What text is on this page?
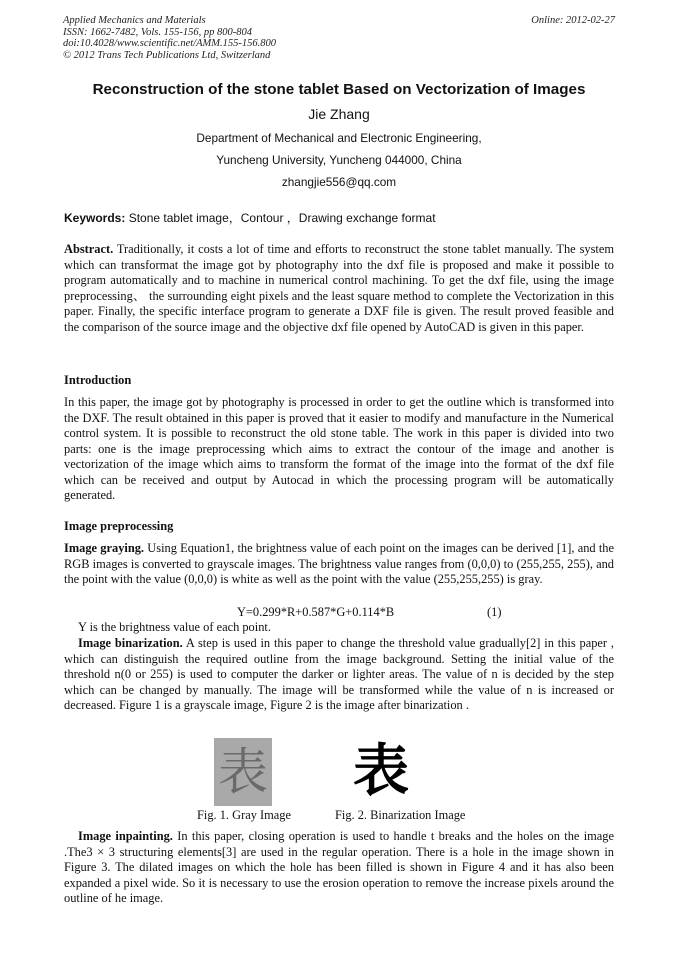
Applied Mechanics and Materials
ISSN: 1662-7482, Vols. 155-156, pp 800-804
doi:10.4028/www.scientific.net/AMM.155-156.800
© 2012 Trans Tech Publications Ltd, Switzerland
Online: 2012-02-27
Reconstruction of the stone tablet Based on Vectorization of Images
Jie Zhang
Department of Mechanical and Electronic Engineering,
Yuncheng University, Yuncheng 044000, China
zhangjie556@qq.com
Keywords: Stone tablet image，Contour ，Drawing exchange format
Abstract. Traditionally, it costs a lot of time and efforts to reconstruct the stone tablet manually. The system which can transformat the image got by photography into the dxf file is proposed and make it possible to program automatically and to machine in numerical control machining. To get the dxf file, using the image preprocessing、 the surrounding eight pixels and the least square method to complete the Vectorization in this paper. Finally, the specific interface program to generate a DXF file is given. The result proved feasible and the comparison of the source image and the objective dxf file opened by AutoCAD is given in this paper.
Introduction
In this paper, the image got by photography is processed in order to get the outline which is transformed into the DXF. The result obtained in this paper is proved that it easier to modify and manufacture in the Numerical control system. It is possible to reconstruct the old stone table. The work in this paper is divided into two parts: one is the image preprocessing which aims to extract the contour of the image and another is vectorization of the image which aims to transform the format of the image into the format of the dxf file which can be received and output by Autocad in which the processing program will be automatically generated.
Image preprocessing
Image graying. Using Equation1, the brightness value of each point on the images can be derived [1], and the RGB images is converted to grayscale images. The brightness value ranges from (0,0,0) to (255,255, 255), and the point with the value (0,0,0) is white as well as the point with the value (255,255,255) is gray.
Y=0.299*R+0.587*G+0.114*B	(1)
Y is the brightness value of each point.
Image binarization. A step is used in this paper to change the threshold value gradually[2] in this paper , which can distinguish the required outline from the image background. Setting the initial value of the threshold n(0 or 255) is used to computer the darker or lighter areas. The value of n is decided by the step which can be changed by manually. The image will be transformed while the value of n is increased or decreased. Figure 1 is a grayscale image, Figure 2 is the image after binarization .
表 表
Fig. 1. Gray Image	Fig. 2. Binarization Image
Image inpainting. In this paper, closing operation is used to handle t breaks and the holes on the image .The3 × 3 structuring elements[3] are used in the regular operation. There is a hole in the image shown in Figure 3. The dilated images on which the hole has been filled is shown in Figure 4 and it has also been expanded a pixel wide. So it is necessary to use the erosion operation to remove the increase pixels around the outline of he image.
